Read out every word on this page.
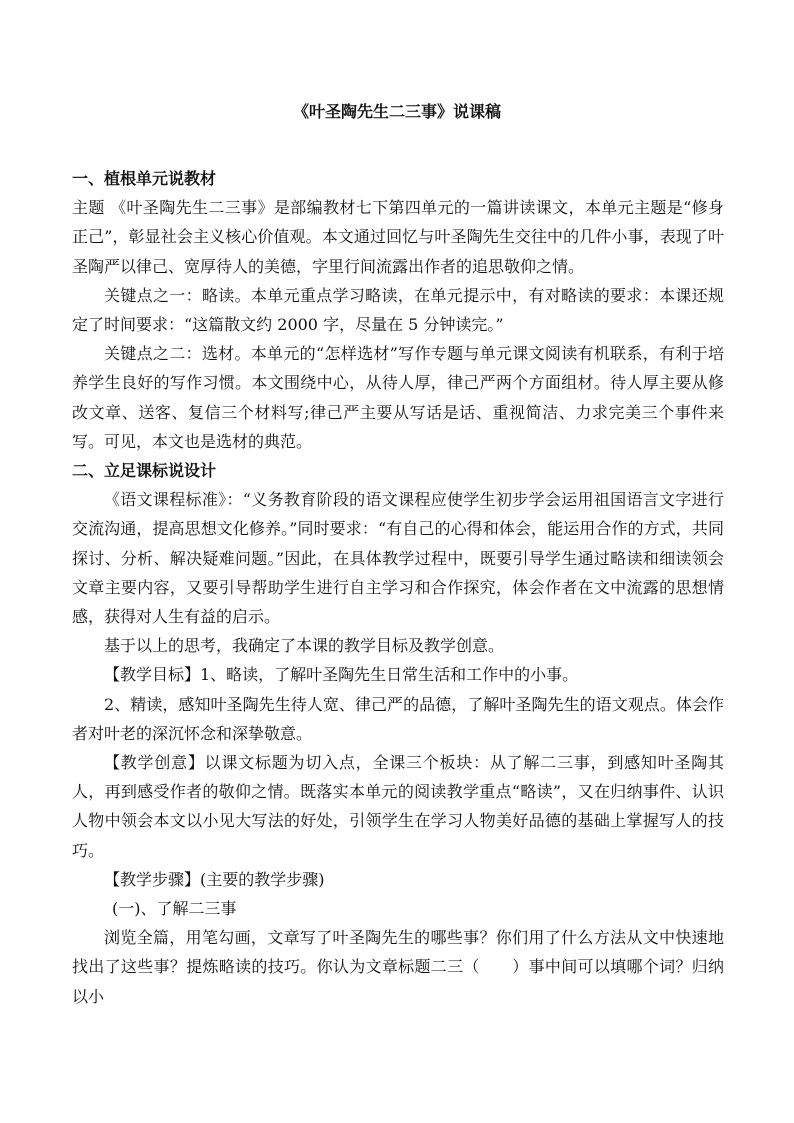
《叶圣陶先生二三事》说课稿

一、植根单元说教材

主题 《叶圣陶先生二三事》是部编教材七下第四单元的一篇讲读课文，本单元主题是“修身正己”，彰显社会主义核心价值观。本文通过回忆与叶圣陶先生交往中的几件小事，表现了叶圣陶严以律己、宽厚待人的美德，字里行间流露出作者的追思敬仰之情。

关键点之一：略读。本单元重点学习略读，在单元提示中，有对略读的要求：本课还规定了时间要求：“这篇散文约 2000 字，尽量在 5 分钟读完。”

关键点之二：选材。本单元的“怎样选材”写作专题与单元课文阅读有机联系，有利于培养学生良好的写作习惯。本文围绕中心，从待人厚，律己严两个方面组材。待人厚主要从修改文章、送客、复信三个材料写;律己严主要从写话是话、重视简洁、力求完美三个事件来写。可见，本文也是选材的典范。

二、立足课标说设计

《语文课程标准》：“义务教育阶段的语文课程应使学生初步学会运用祖国语言文字进行交流沟通，提高思想文化修养。”同时要求：“有自己的心得和体会，能运用合作的方式，共同探讨、分析、解决疑难问题。”因此，在具体教学过程中，既要引导学生通过略读和细读领会文章主要内容，又要引导帮助学生进行自主学习和合作探究，体会作者在文中流露的思想情感，获得对人生有益的启示。

基于以上的思考，我确定了本课的教学目标及教学创意。

【教学目标】1、略读，了解叶圣陶先生日常生活和工作中的小事。

2、精读，感知叶圣陶先生待人宽、律己严的品德，了解叶圣陶先生的语文观点。体会作者对叶老的深沉怀念和深挚敬意。

【教学创意】以课文标题为切入点，全课三个板块：从了解二三事，到感知叶圣陶其人，再到感受作者的敬仰之情。既落实本单元的阅读教学重点“略读”，又在归纳事件、认识人物中领会本文以小见大写法的好处，引领学生在学习人物美好品德的基础上掌握写人的技巧。

【教学步骤】(主要的教学步骤)

(一)、了解二三事

浏览全篇，用笔勾画，文章写了叶圣陶先生的哪些事？你们用了什么方法从文中快速地找出了这些事？提炼略读的技巧。你认为文章标题二三（　　）事中间可以填哪个词？归纳以小
